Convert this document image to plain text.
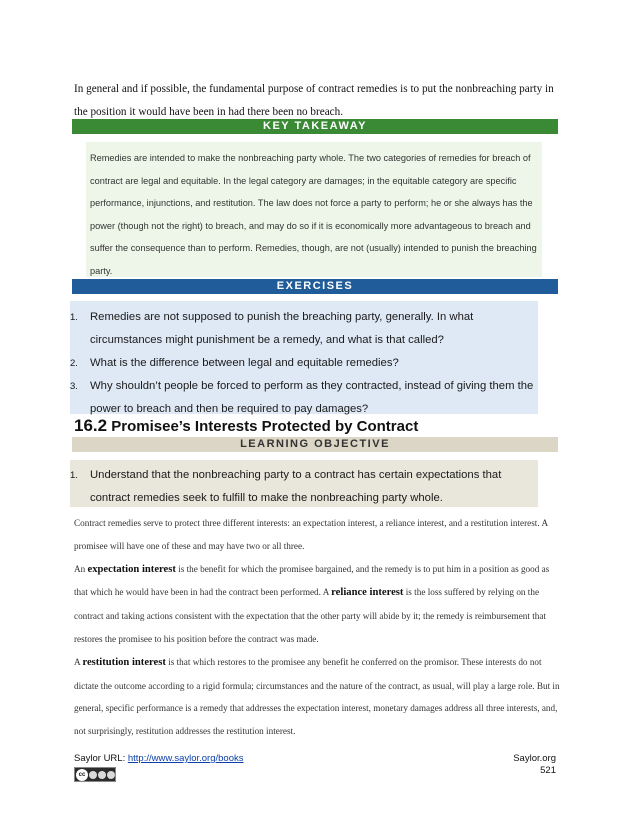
In general and if possible, the fundamental purpose of contract remedies is to put the nonbreaching party in the position it would have been in had there been no breach.
KEY TAKEAWAY
Remedies are intended to make the nonbreaching party whole. The two categories of remedies for breach of contract are legal and equitable. In the legal category are damages; in the equitable category are specific performance, injunctions, and restitution. The law does not force a party to perform; he or she always has the power (though not the right) to breach, and may do so if it is economically more advantageous to breach and suffer the consequence than to perform. Remedies, though, are not (usually) intended to punish the breaching party.
EXERCISES
1.	Remedies are not supposed to punish the breaching party, generally. In what circumstances might punishment be a remedy, and what is that called?
2.	What is the difference between legal and equitable remedies?
3.	Why shouldn’t people be forced to perform as they contracted, instead of giving them the power to breach and then be required to pay damages?
16.2 Promisee’s Interests Protected by Contract
LEARNING OBJECTIVE
1.	Understand that the nonbreaching party to a contract has certain expectations that contract remedies seek to fulfill to make the nonbreaching party whole.

Contract remedies serve to protect three different interests: an expectation interest, a reliance interest, and a restitution interest. A promisee will have one of these and may have two or all three.

An expectation interest is the benefit for which the promisee bargained, and the remedy is to put him in a position as good as that which he would have been in had the contract been performed. A reliance interest is the loss suffered by relying on the contract and taking actions consistent with the expectation that the other party will abide by it; the remedy is reimbursement that restores the promisee to his position before the contract was made.

A restitution interest is that which restores to the promisee any benefit he conferred on the promisor. These interests do not dictate the outcome according to a rigid formula; circumstances and the nature of the contract, as usual, will play a large role. But in general, specific performance is a remedy that addresses the expectation interest, monetary damages address all three interests, and, not surprisingly, restitution addresses the restitution interest.

Saylor URL: http://www.saylor.org/books
cc
Saylor.org
521
